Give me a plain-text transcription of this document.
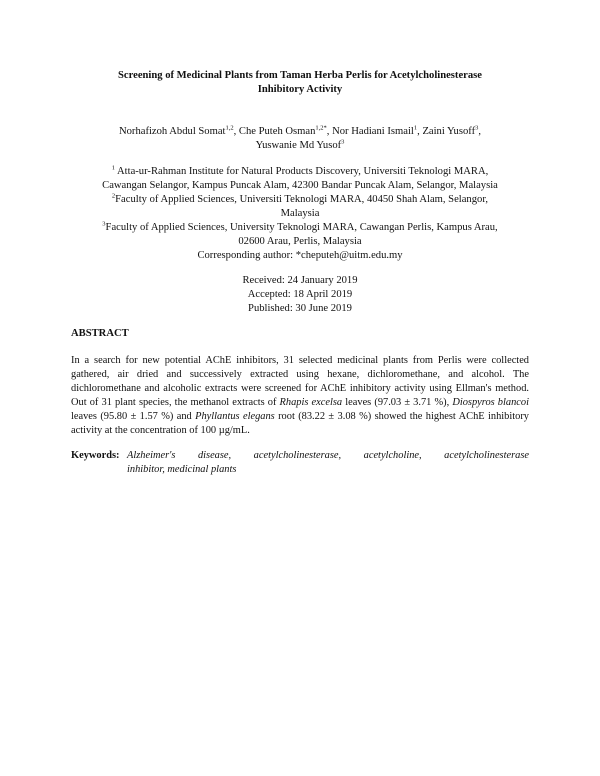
Screening of Medicinal Plants from Taman Herba Perlis for Acetylcholinesterase
Inhibitory Activity
Norhafizoh Abdul Somat$^{1,2}$, Che Puteh Osman$^{1,2*}$, Nor Hadiani Ismail$^1$, Zaini Yusoff$^3$,
Yuswanie Md Yusof$^3$
$^1$ Atta-ur-Rahman Institute for Natural Products Discovery, Universiti Teknologi MARA,
Cawangan Selangor, Kampus Puncak Alam, 42300 Bandar Puncak Alam, Selangor, Malaysia
$^2$Faculty of Applied Sciences, Universiti Teknologi MARA, 40450 Shah Alam, Selangor,
Malaysia
$^3$Faculty of Applied Sciences, University Teknologi MARA, Cawangan Perlis, Kampus Arau,
02600 Arau, Perlis, Malaysia
Corresponding author: *cheputeh@uitm.edu.my
Received: 24 January 2019
Accepted: 18 April 2019
Published: 30 June 2019
ABSTRACT
In a search for new potential AChE inhibitors, 31 selected medicinal plants from Perlis were collected gathered, air dried and successively extracted using hexane, dichloromethane, and alcohol. The dichloromethane and alcoholic extracts were screened for AChE inhibitory activity using Ellman's method. Out of 31 plant species, the methanol extracts of Rhapis excelsa leaves (97.03 ± 3.71 %), Diospyros blancoi leaves (95.80 ± 1.57 %) and Phyllantus elegans root (83.22 ± 3.08 %) showed the highest AChE inhibitory activity at the concentration of 100 µg/mL.
Keywords: Alzheimer's disease, acetylcholinesterase, acetylcholine, acetylcholinesterase
inhibitor, medicinal plants
